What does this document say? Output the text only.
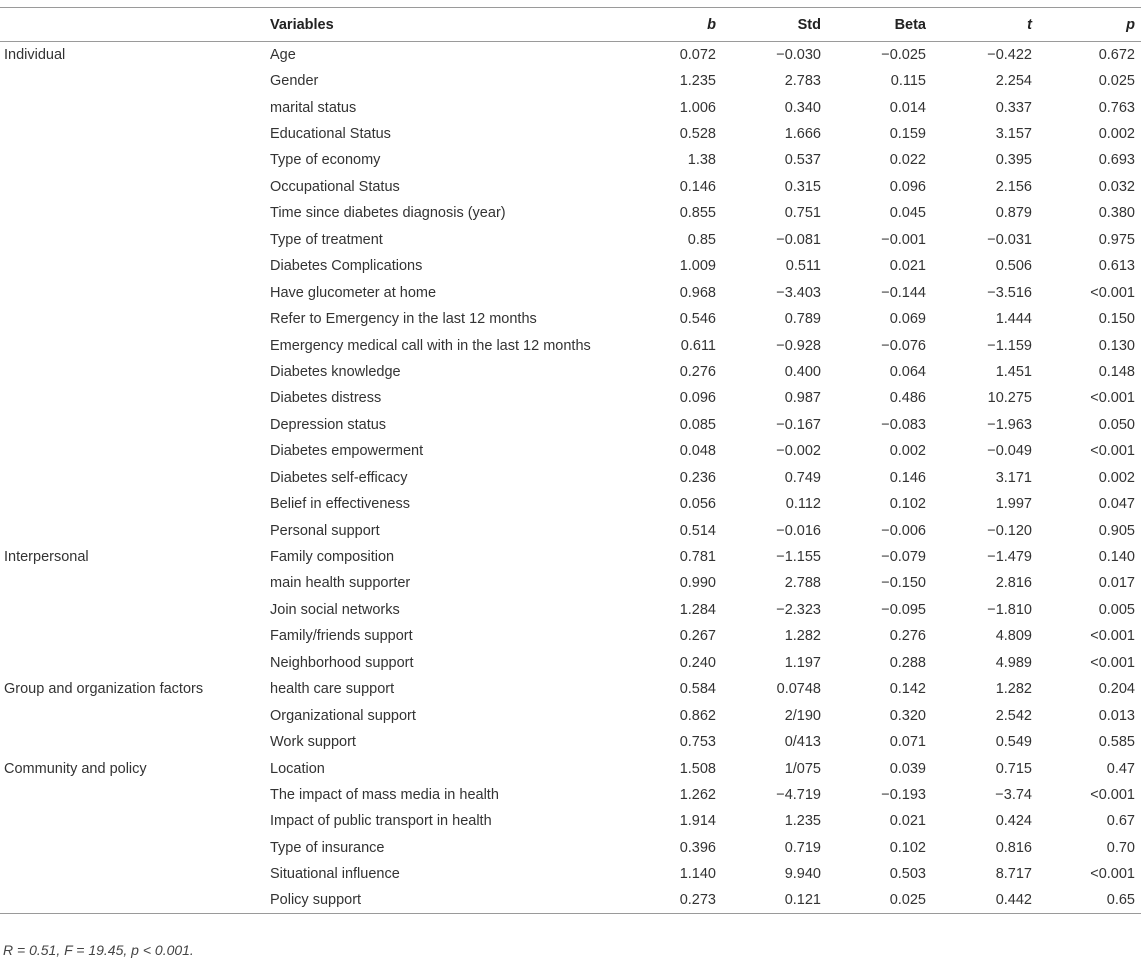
	Variables	b	Std	Beta	t	p
Individual	Age	0.072	−0.030	−0.025	−0.422	0.672
	Gender	1.235	2.783	0.115	2.254	0.025
	marital status	1.006	0.340	0.014	0.337	0.763
	Educational Status	0.528	1.666	0.159	3.157	0.002
	Type of economy	1.38	0.537	0.022	0.395	0.693
	Occupational Status	0.146	0.315	0.096	2.156	0.032
	Time since diabetes diagnosis (year)	0.855	0.751	0.045	0.879	0.380
	Type of treatment	0.85	−0.081	−0.001	−0.031	0.975
	Diabetes Complications	1.009	0.511	0.021	0.506	0.613
	Have glucometer at home	0.968	−3.403	−0.144	−3.516	<0.001
	Refer to Emergency in the last 12 months	0.546	0.789	0.069	1.444	0.150
	Emergency medical call with in the last 12 months	0.611	−0.928	−0.076	−1.159	0.130
	Diabetes knowledge	0.276	0.400	0.064	1.451	0.148
	Diabetes distress	0.096	0.987	0.486	10.275	<0.001
	Depression status	0.085	−0.167	−0.083	−1.963	0.050
	Diabetes empowerment	0.048	−0.002	0.002	−0.049	<0.001
	Diabetes self-efficacy	0.236	0.749	0.146	3.171	0.002
	Belief in effectiveness	0.056	0.112	0.102	1.997	0.047
	Personal support	0.514	−0.016	−0.006	−0.120	0.905
Interpersonal	Family composition	0.781	−1.155	−0.079	−1.479	0.140
	main health supporter	0.990	2.788	−0.150	2.816	0.017
	Join social networks	1.284	−2.323	−0.095	−1.810	0.005
	Family/friends support	0.267	1.282	0.276	4.809	<0.001
	Neighborhood support	0.240	1.197	0.288	4.989	<0.001
Group and organization factors	health care support	0.584	0.0748	0.142	1.282	0.204
	Organizational support	0.862	2/190	0.320	2.542	0.013
	Work support	0.753	0/413	0.071	0.549	0.585
Community and policy	Location	1.508	1/075	0.039	0.715	0.47
	The impact of mass media in health	1.262	−4.719	−0.193	−3.74	<0.001
	Impact of public transport in health	1.914	1.235	0.021	0.424	0.67
	Type of insurance	0.396	0.719	0.102	0.816	0.70
	Situational influence	1.140	9.940	0.503	8.717	<0.001
	Policy support	0.273	0.121	0.025	0.442	0.65
R = 0.51, F = 19.45, p < 0.001.
